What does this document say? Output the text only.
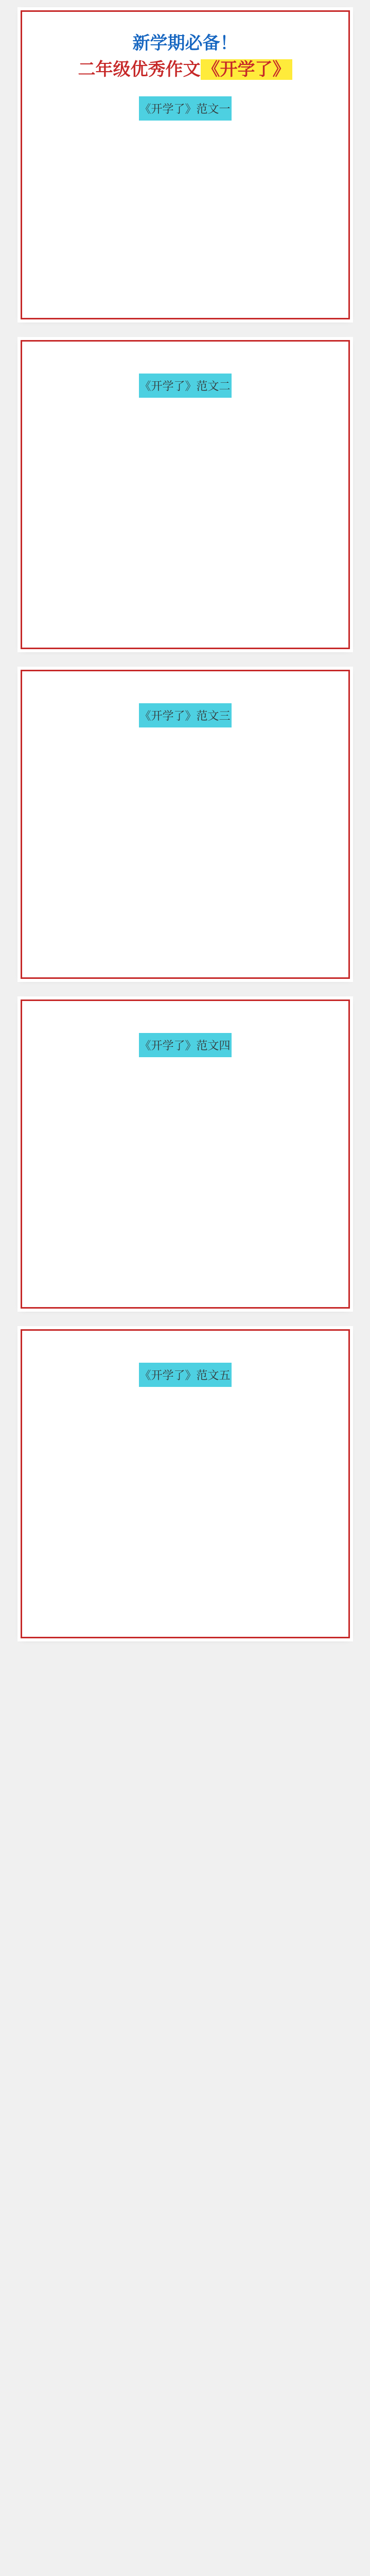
新学期必备！

二年级优秀作文 《开学了》

《开学了》范文一
《开学了》范文二
《开学了》范文三
《开学了》范文四
《开学了》范文五
